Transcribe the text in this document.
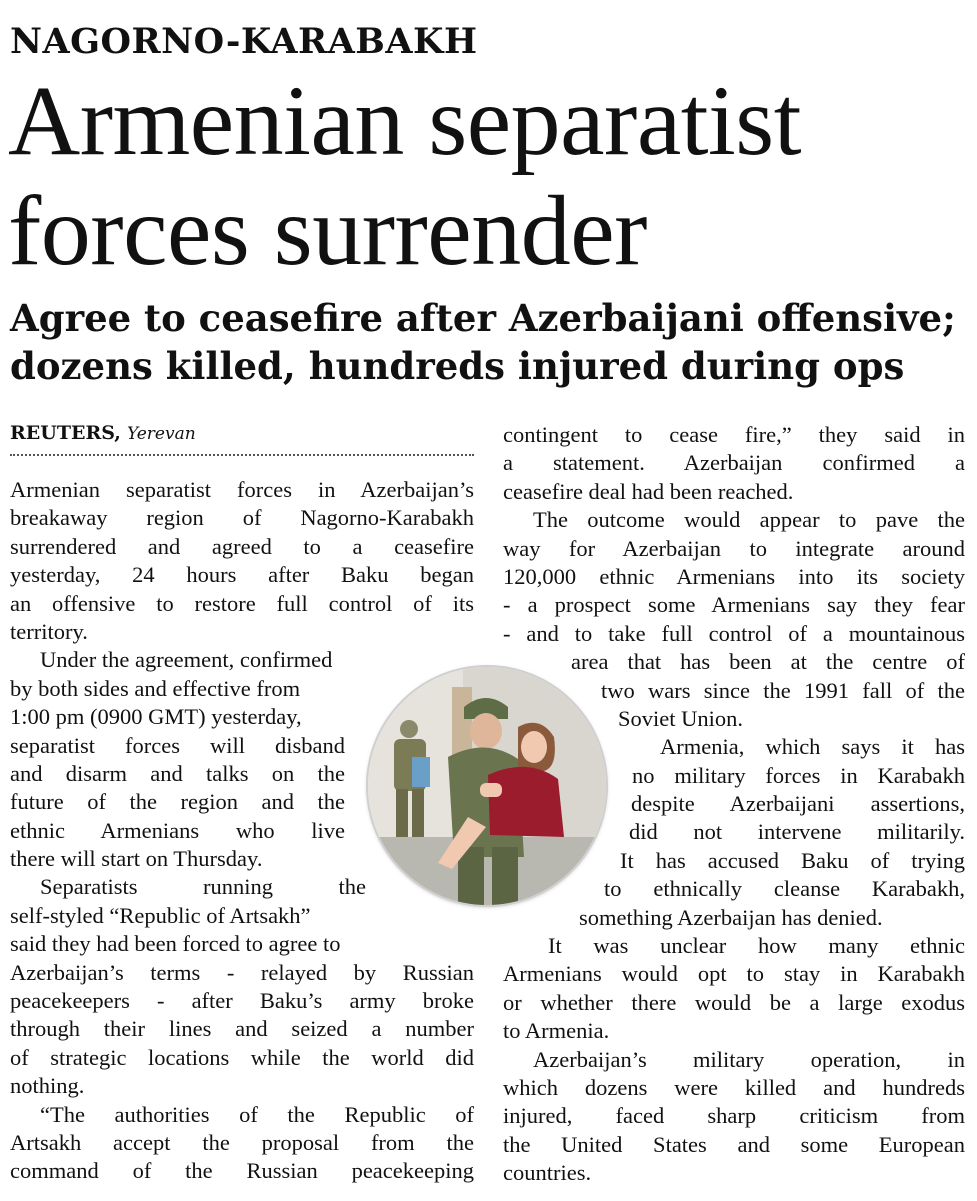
NAGORNO-KARABAKH
Armenian separatist
forces surrender
Agree to ceasefire after Azerbaijani offensive;
dozens killed, hundreds injured during ops
REUTERS, Yerevan
Armenian separatist forces in Azerbaijan’s
breakaway region of Nagorno-Karabakh
surrendered and agreed to a ceasefire
yesterday, 24 hours after Baku began
an offensive to restore full control of its
territory.
Under the agreement, confirmed
by both sides and effective from
1:00 pm (0900 GMT) yesterday,
separatist forces will disband
and disarm and talks on the
future of the region and the
ethnic Armenians who live
there will start on Thursday.
Separatists running the
self-styled “Republic of Artsakh”
said they had been forced to agree to
Azerbaijan’s terms - relayed by Russian
peacekeepers - after Baku’s army broke
through their lines and seized a number
of strategic locations while the world did
nothing.
“The authorities of the Republic of
Artsakh accept the proposal from the
command of the Russian peacekeeping
contingent to cease fire,” they said in
a statement. Azerbaijan confirmed a
ceasefire deal had been reached.
The outcome would appear to pave the
way for Azerbaijan to integrate around
120,000 ethnic Armenians into its society
- a prospect some Armenians say they fear
- and to take full control of a mountainous
area that has been at the centre of
two wars since the 1991 fall of the
Soviet Union.
Armenia, which says it has
no military forces in Karabakh
despite Azerbaijani assertions,
did not intervene militarily.
It has accused Baku of trying
to ethnically cleanse Karabakh,
something Azerbaijan has denied.
It was unclear how many ethnic
Armenians would opt to stay in Karabakh
or whether there would be a large exodus
to Armenia.
Azerbaijan’s military operation, in
which dozens were killed and hundreds
injured, faced sharp criticism from
the United States and some European
countries.
